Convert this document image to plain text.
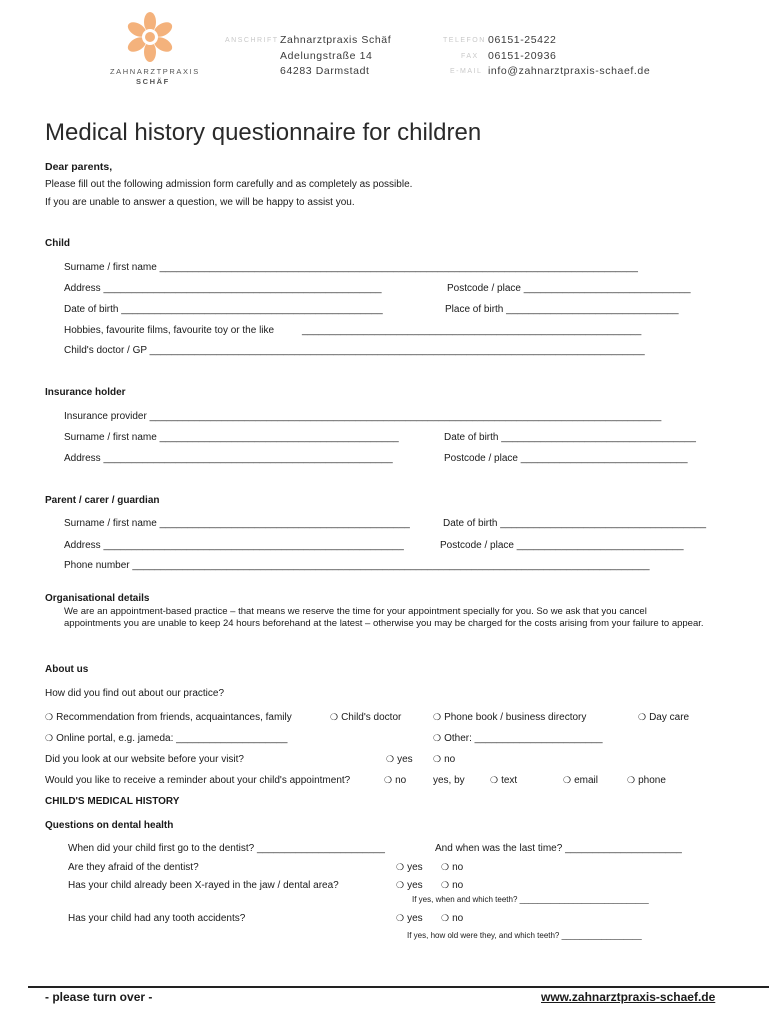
ZAHNARZTPRAXIS
SCHÄF
ANSCHRIFT Zahnarztpraxis Schäf
Adelungstraße 14
64283 Darmstadt
TELEFON 06151-25422
FAX 06151-20936
E-MAIL info@zahnarztpraxis-schaef.de
Medical history questionnaire for children
Dear parents,
Please fill out the following admission form carefully and as completely as possible.
If you are unable to answer a question, we will be happy to assist you.
Child
Surname / first name ______________________________________________________________________________________
Address __________________________________________________	Postcode / place ______________________________
Date of birth _______________________________________________	Place of birth _______________________________
Hobbies, favourite films, favourite toy or the like	_____________________________________________________________
Child's doctor / GP _________________________________________________________________________________________
Insurance holder
Insurance provider ____________________________________________________________________________________________
Surname / first name ___________________________________________	Date of birth ___________________________________
Address ____________________________________________________	Postcode / place ______________________________
Parent / carer / guardian
Surname / first name _____________________________________________	Date of birth _____________________________________
Address ______________________________________________________	Postcode / place ______________________________
Phone number _____________________________________________________________________________________________
Organisational details
We are an appointment-based practice – that means we reserve the time for your appointment specially for you. So we ask that you cancel appointments you are unable to keep 24 hours beforehand at the latest – otherwise you may be charged for the costs arising from your failure to appear.
About us
How did you find out about our practice?
❍ Recommendation from friends, acquaintances, family	❍ Child's doctor	❍ Phone book / business directory	❍ Day care
❍ Online portal, e.g. jameda: ____________________	❍ Other: _______________________
Did you look at our website before your visit?	❍ yes	❍ no
Would you like to receive a reminder about your child's appointment?	❍ no	yes, by	❍ text	❍ email	❍ phone
CHILD'S MEDICAL HISTORY
Questions on dental health
When did your child first go to the dentist? _______________________	And when was the last time? _____________________
Are they afraid of the dentist?	❍ yes	❍ no
Has your child already been X-rayed in the jaw / dental area?	❍ yes	❍ no
If yes, when and which teeth? _____________________________
Has your child had any tooth accidents?	❍ yes	❍ no
If yes, how old were they, and which teeth? __________________
- please turn over -	www.zahnarztpraxis-schaef.de
